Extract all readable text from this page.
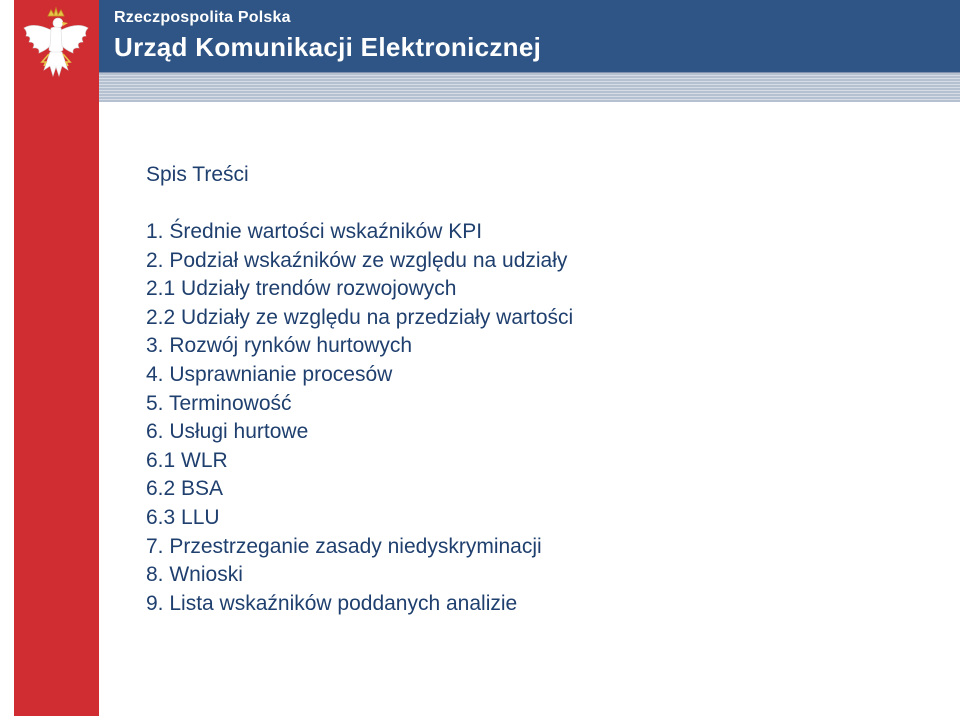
Rzeczpospolita Polska
Urząd Komunikacji Elektronicznej
Spis Treści
1. Średnie wartości wskaźników KPI
2. Podział wskaźników ze względu na udziały
2.1 Udziały trendów rozwojowych
2.2 Udziały ze względu na przedziały wartości
3. Rozwój rynków hurtowych
4. Usprawnianie procesów
5. Terminowość
6. Usługi hurtowe
6.1 WLR
6.2 BSA
6.3 LLU
7. Przestrzeganie zasady niedyskryminacji
8. Wnioski
9. Lista wskaźników poddanych analizie
